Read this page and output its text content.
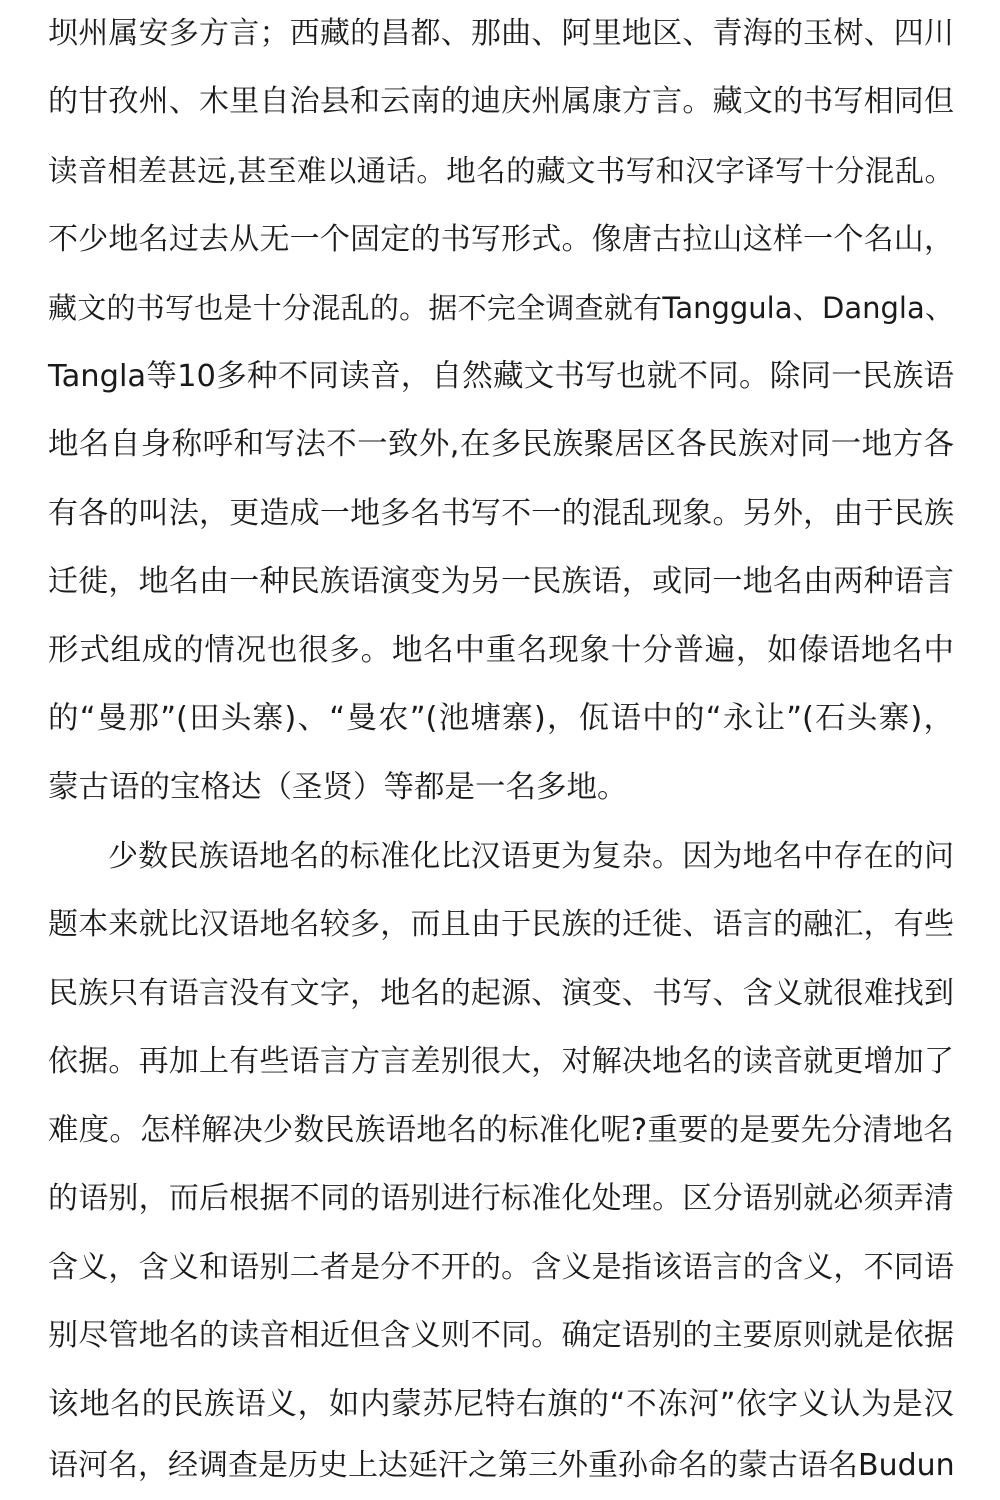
坝州属安多方言；西藏的昌都、那曲、阿里地区、青海的玉树、四川
的甘孜州、木里自治县和云南的迪庆州属康方言。藏文的书写相同但
读音相差甚远,甚至难以通话。地名的藏文书写和汉字译写十分混乱。
不少地名过去从无一个固定的书写形式。像唐古拉山这样一个名山，
藏文的书写也是十分混乱的。据不完全调查就有Tanggula、Dangla、
Tangla等10多种不同读音，自然藏文书写也就不同。除同一民族语
地名自身称呼和写法不一致外,在多民族聚居区各民族对同一地方各
有各的叫法，更造成一地多名书写不一的混乱现象。另外，由于民族
迁徙，地名由一种民族语演变为另一民族语，或同一地名由两种语言
形式组成的情况也很多。地名中重名现象十分普遍，如傣语地名中
的“曼那”(田头寨)、“曼农”(池塘寨)，佤语中的“永让”(石头寨)，
蒙古语的宝格达（圣贤）等都是一名多地。
少数民族语地名的标准化比汉语更为复杂。因为地名中存在的问
题本来就比汉语地名较多，而且由于民族的迁徙、语言的融汇，有些
民族只有语言没有文字，地名的起源、演变、书写、含义就很难找到
依据。再加上有些语言方言差别很大，对解决地名的读音就更增加了
难度。怎样解决少数民族语地名的标准化呢?重要的是要先分清地名
的语别，而后根据不同的语别进行标准化处理。区分语别就必须弄清
含义，含义和语别二者是分不开的。含义是指该语言的含义，不同语
别尽管地名的读音相近但含义则不同。确定语别的主要原则就是依据
该地名的民族语义，如内蒙苏尼特右旗的“不冻河”依字义认为是汉
语河名，经调查是历史上达延汗之第三外重孙命名的蒙古语名Budun
